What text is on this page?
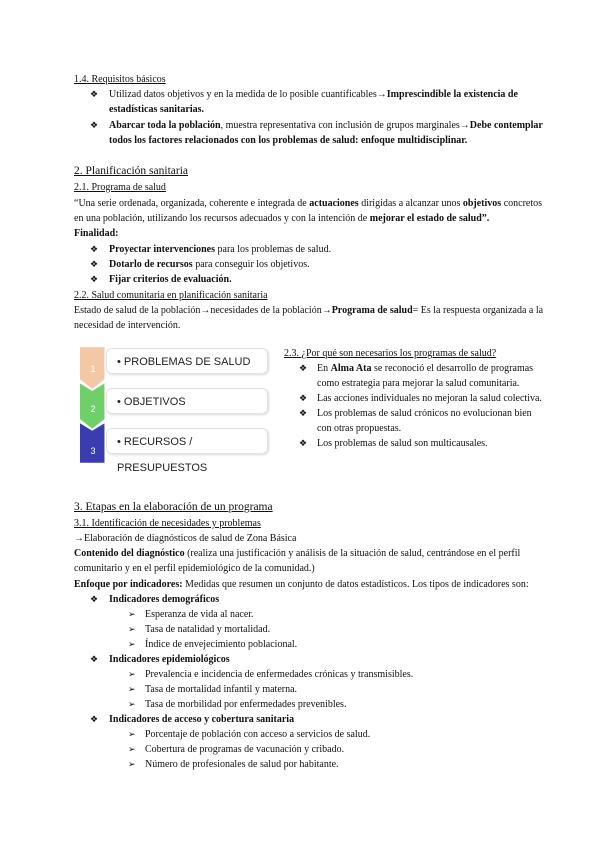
1.4. Requisitos básicos
❖ Utilizad datos objetivos y en la medida de lo posible cuantificables→Imprescindible la existencia de
estadísticas sanitarias.
❖ Abarcar toda la población, muestra representativa con inclusión de grupos marginales→Debe contemplar
todos los factores relacionados con los problemas de salud: enfoque multidisciplinar.
2. Planificación sanitaria
2.1. Programa de salud
“Una serie ordenada, organizada, coherente e integrada de actuaciones dirigidas a alcanzar unos objetivos concretos
en una población, utilizando los recursos adecuados y con la intención de mejorar el estado de salud”.
Finalidad:
❖ Proyectar intervenciones para los problemas de salud.
❖ Dotarlo de recursos para conseguir los objetivos.
❖ Fijar criterios de evaluación.
2.2. Salud comunitaria en planificación sanitaria
Estado de salud de la población→necesidades de la población→Programa de salud= Es la respuesta organizada a la
necesidad de intervención.
1
• PROBLEMAS DE SALUD
2
• OBJETIVOS
3
• RECURSOS / PRESUPUESTOS
2.3. ¿Por qué son necesarios los programas de salud?
❖ En Alma Ata se reconoció el desarrollo de programas
como estrategia para mejorar la salud comunitaria.
❖ Las acciones individuales no mejoran la salud colectiva.
❖ Los problemas de salud crónicos no evolucionan bien
con otras propuestas.
❖ Los problemas de salud son multicausales.
3. Etapas en la elaboración de un programa
3.1. Identificación de necesidades y problemas
→Elaboración de diagnósticos de salud de Zona Básica
Contenido del diagnóstico (realiza una justificación y análisis de la situación de salud, centrándose en el perfil
comunitario y en el perfil epidemiológico de la comunidad.)
Enfoque por indicadores: Medidas que resumen un conjunto de datos estadísticos. Los tipos de indicadores son:
❖ Indicadores demográficos
➢ Esperanza de vida al nacer.
➢ Tasa de natalidad y mortalidad.
➢ Índice de envejecimiento poblacional.
❖ Indicadores epidemiológicos
➢ Prevalencia e incidencia de enfermedades crónicas y transmisibles.
➢ Tasa de mortalidad infantil y materna.
➢ Tasa de morbilidad por enfermedades prevenibles.
❖ Indicadores de acceso y cobertura sanitaria
➢ Porcentaje de población con acceso a servicios de salud.
➢ Cobertura de programas de vacunación y cribado.
➢ Número de profesionales de salud por habitante.
